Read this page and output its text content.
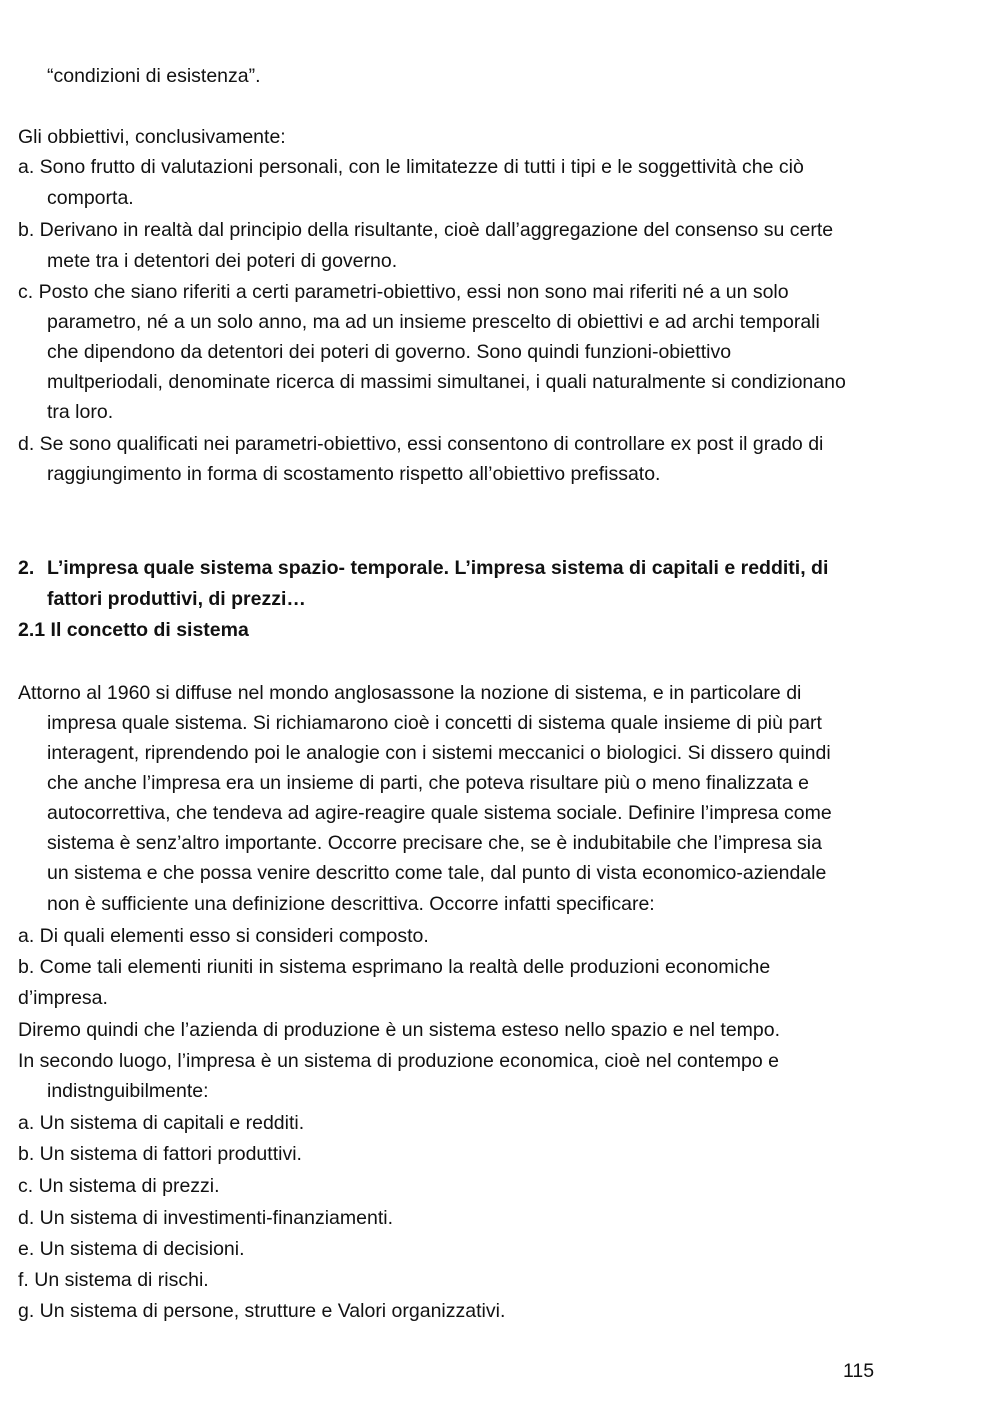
“condizioni di esistenza”.
Gli obbiettivi, conclusivamente:
a. Sono frutto di valutazioni personali, con le limitatezze di tutti i tipi e le soggettività che ciò
comporta.
b. Derivano in realtà dal principio della risultante, cioè dall’aggregazione del consenso su certe
mete tra i detentori dei poteri di governo.
c. Posto che siano riferiti a certi parametri-obiettivo, essi non sono mai riferiti né a un solo
parametro, né a un solo anno, ma ad un insieme prescelto di obiettivi e ad archi temporali
che dipendono da detentori dei poteri di governo. Sono quindi funzioni-obiettivo
multperiodali, denominate ricerca di massimi simultanei, i quali naturalmente si condizionano
tra loro.
d. Se sono qualificati nei parametri-obiettivo, essi consentono di controllare ex post il grado di
raggiungimento in forma di scostamento rispetto all’obiettivo prefissato.
2. L’impresa quale sistema spazio- temporale. L’impresa sistema di capitali e redditi, di
fattori produttivi, di prezzi…
2.1 Il concetto di sistema
Attorno al 1960 si diffuse nel mondo anglosassone la nozione di sistema, e in particolare di
impresa quale sistema. Si richiamarono cioè i concetti di sistema quale insieme di più part
interagent, riprendendo poi le analogie con i sistemi meccanici o biologici. Si dissero quindi
che anche l’impresa era un insieme di parti, che poteva risultare più o meno finalizzata e
autocorrettiva, che tendeva ad agire-reagire quale sistema sociale. Definire l’impresa come
sistema è senz’altro importante. Occorre precisare che, se è indubitabile che l’impresa sia
un sistema e che possa venire descritto come tale, dal punto di vista economico-aziendale
non è sufficiente una definizione descrittiva. Occorre infatti specificare:
a. Di quali elementi esso si consideri composto.
b. Come tali elementi riuniti in sistema esprimano la realtà delle produzioni economiche
d’impresa.
Diremo quindi che l’azienda di produzione è un sistema esteso nello spazio e nel tempo.
In secondo luogo, l’impresa è un sistema di produzione economica, cioè nel contempo e
indistnguibilmente:
a. Un sistema di capitali e redditi.
b. Un sistema di fattori produttivi.
c. Un sistema di prezzi.
d. Un sistema di investimenti-finanziamenti.
e. Un sistema di decisioni.
f. Un sistema di rischi.
g. Un sistema di persone, strutture e Valori organizzativi.
115
